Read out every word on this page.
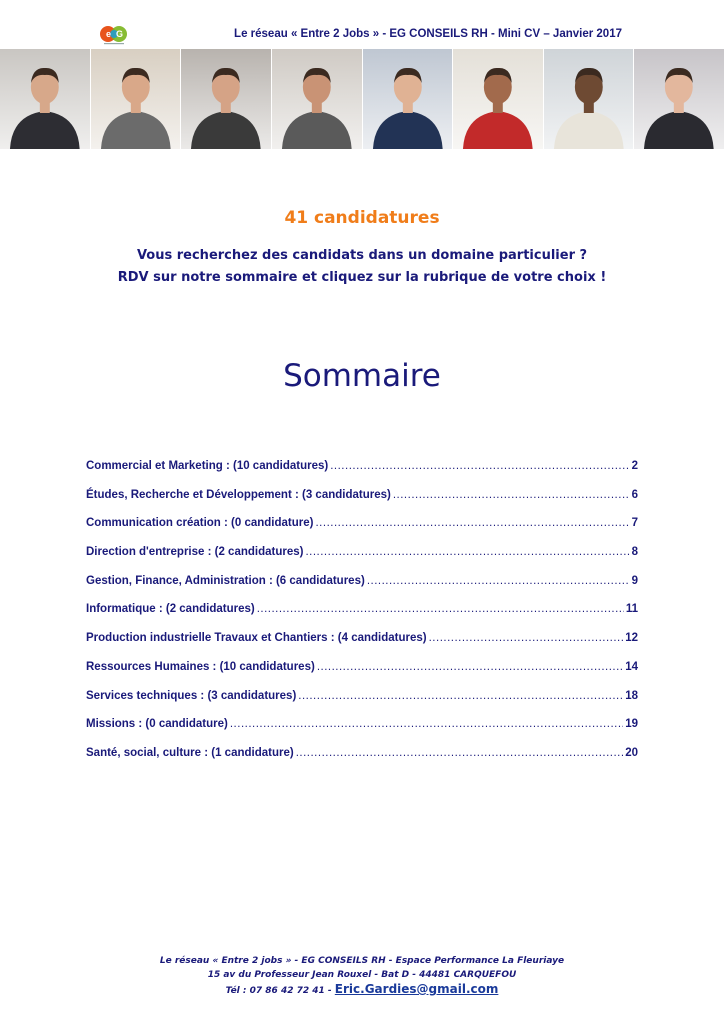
e G	Le réseau « Entre 2 Jobs » - EG CONSEILS RH - Mini CV – Janvier 2017
41 candidatures
Vous recherchez des candidats dans un domaine particulier ?
RDV sur notre sommaire et cliquez sur la rubrique de votre choix !
Sommaire
Commercial et Marketing : (10 candidatures) .....	2
Études, Recherche et Développement : (3 candidatures) .....	6
Communication création : (0 candidature) .....	7
Direction d'entreprise : (2 candidatures) .....	8
Gestion, Finance, Administration : (6 candidatures) .....	9
Informatique : (2 candidatures) .....	11
Production industrielle Travaux et Chantiers : (4 candidatures) .....	12
Ressources Humaines : (10 candidatures) .....	14
Services techniques : (3 candidatures) .....	18
Missions : (0 candidature) .....	19
Santé, social, culture : (1 candidature) .....	20
Le réseau « Entre 2 jobs » - EG CONSEILS RH - Espace Performance La Fleuriaye
15 av du Professeur Jean Rouxel - Bat D - 44481 CARQUEFOU
Tél : 07 86 42 72 41 - Eric.Gardies@gmail.com
